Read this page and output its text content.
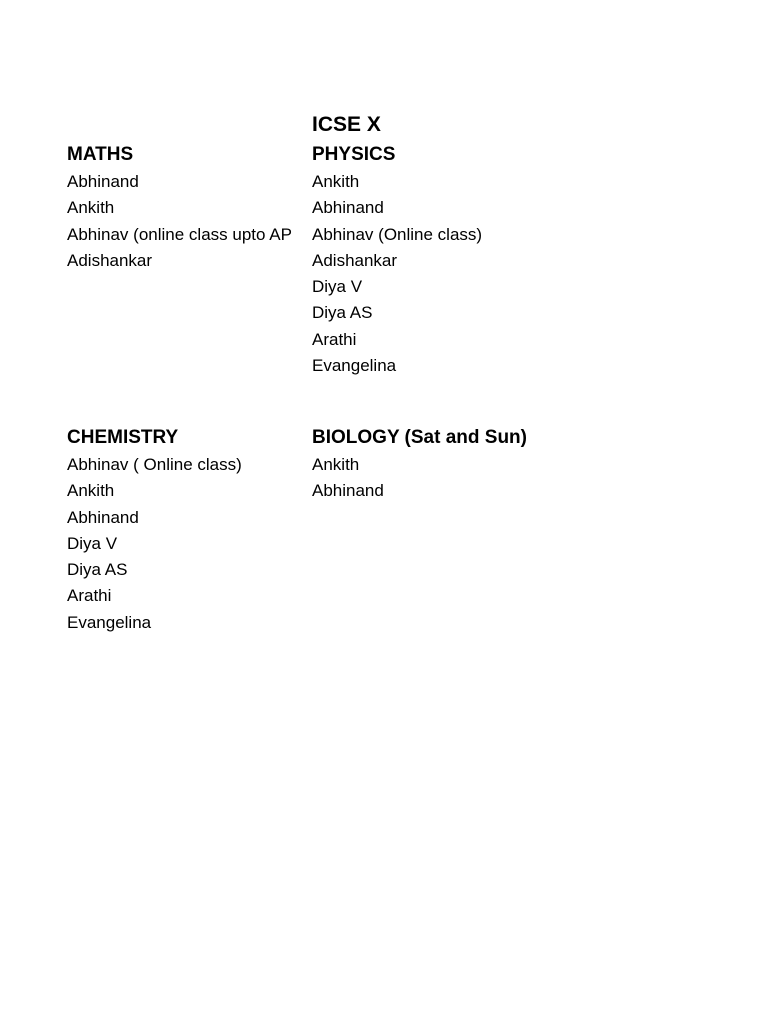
ICSE X
MATHS
Abhinand
Ankith
Abhinav (online class upto AP
Adishankar
PHYSICS
Ankith
Abhinand
Abhinav (Online class)
Adishankar
Diya V
Diya AS
Arathi
Evangelina
CHEMISTRY
Abhinav ( Online class)
Ankith
Abhinand
Diya V
Diya AS
Arathi
Evangelina
BIOLOGY (Sat and Sun)
Ankith
Abhinand
